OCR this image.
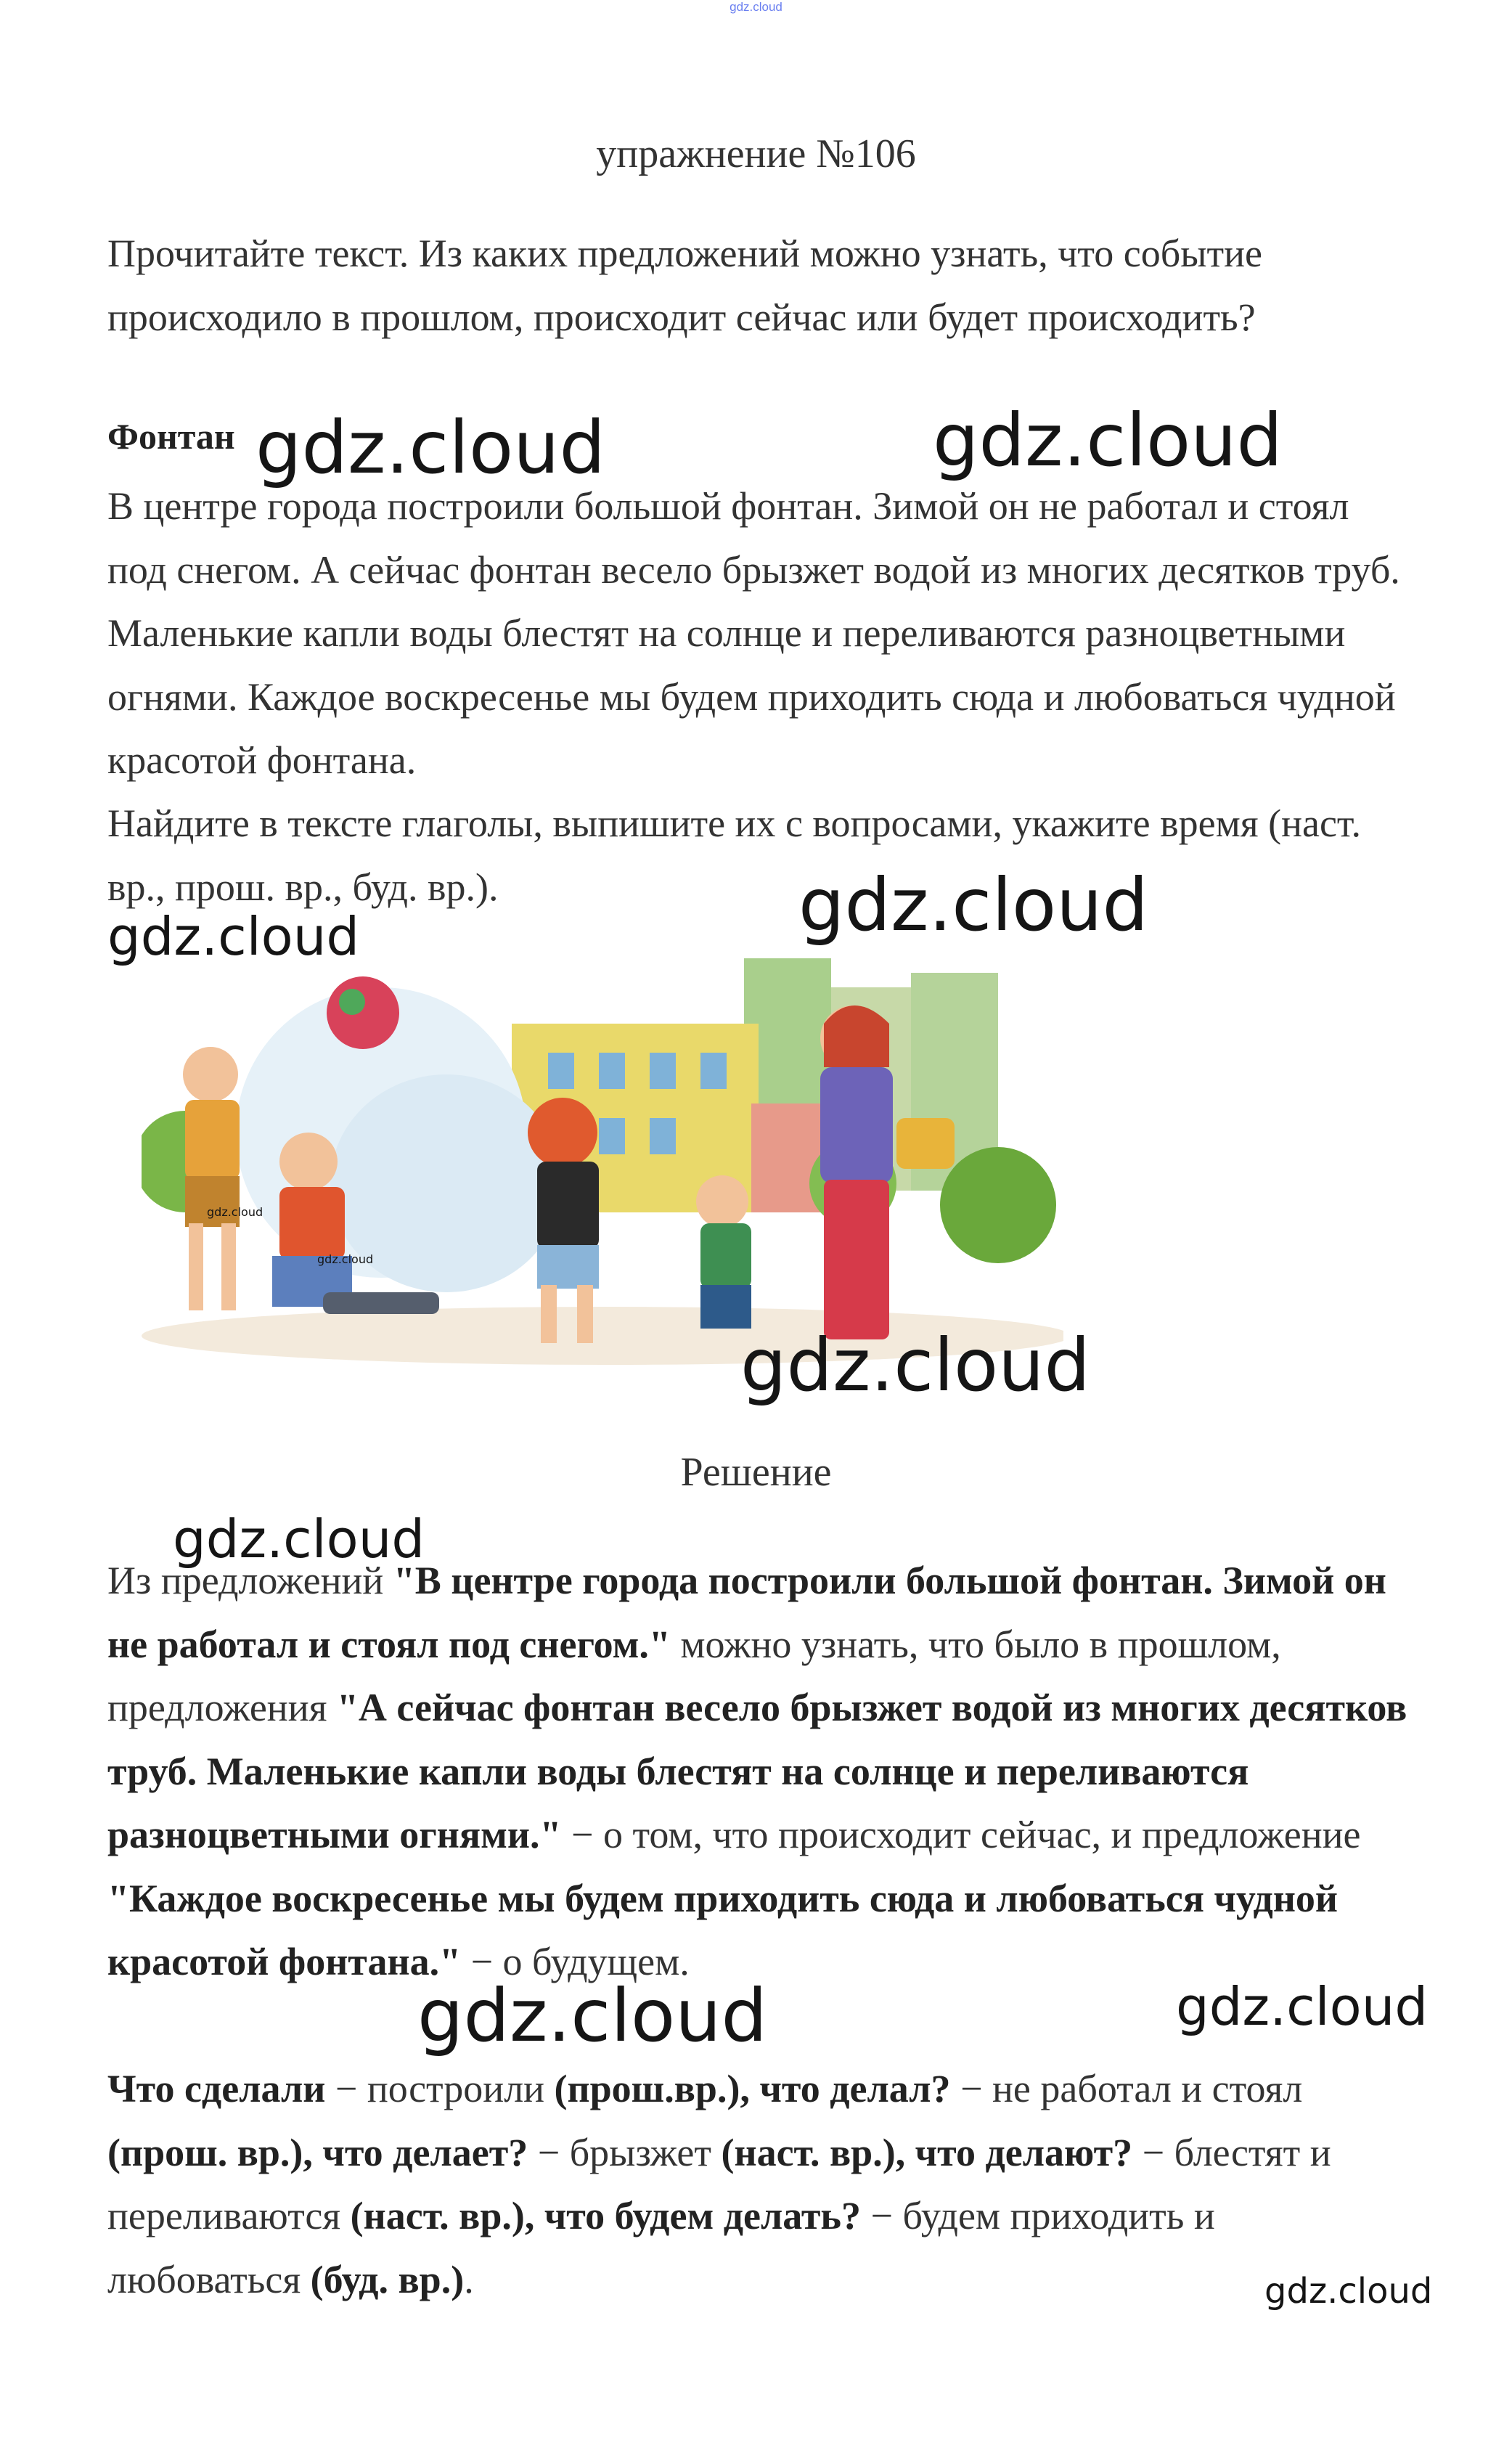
gdz.cloud
упражнение №106

Прочитайте текст. Из каких предложений можно узнать, что событие происходило в прошлом, происходит сейчас или будет происходить?

Фонтан

В центре города построили большой фонтан. Зимой он не работал и стоял под снегом. А сейчас фонтан весело брызжет водой из многих десятков труб. Маленькие капли воды блестят на солнце и переливаются разноцветными огнями. Каждое воскресенье мы будем приходить сюда и любоваться чудной красотой фонтана.

Найдите в тексте глаголы, выпишите их с вопросами, укажите время (наст. вр., прош. вр., буд. вр.).

Решение

Из предложений "В центре города построили большой фонтан. Зимой он не работал и стоял под снегом." можно узнать, что было в прошлом, предложения "А сейчас фонтан весело брызжет водой из многих десятков труб. Маленькие капли воды блестят на солнце и переливаются разноцветными огнями." − о том, что происходит сейчас, и предложение "Каждое воскресенье мы будем приходить сюда и любоваться чудной красотой фонтана." − о будущем.

Что сделали − построили (прош.вр.), что делал? − не работал и стоял (прош. вр.), что делает? − брызжет (наст. вр.), что делают? − блестят и переливаются (наст. вр.), что будем делать? − будем приходить и любоваться (буд. вр.).

gdz.cloud	gdz.cloud
gdz.cloud
gdz.cloud
gdz.cloud
gdz.cloud
gdz.cloud
gdz.cloud
gdz.cloud	gdz.cloud
gdz.cloud
